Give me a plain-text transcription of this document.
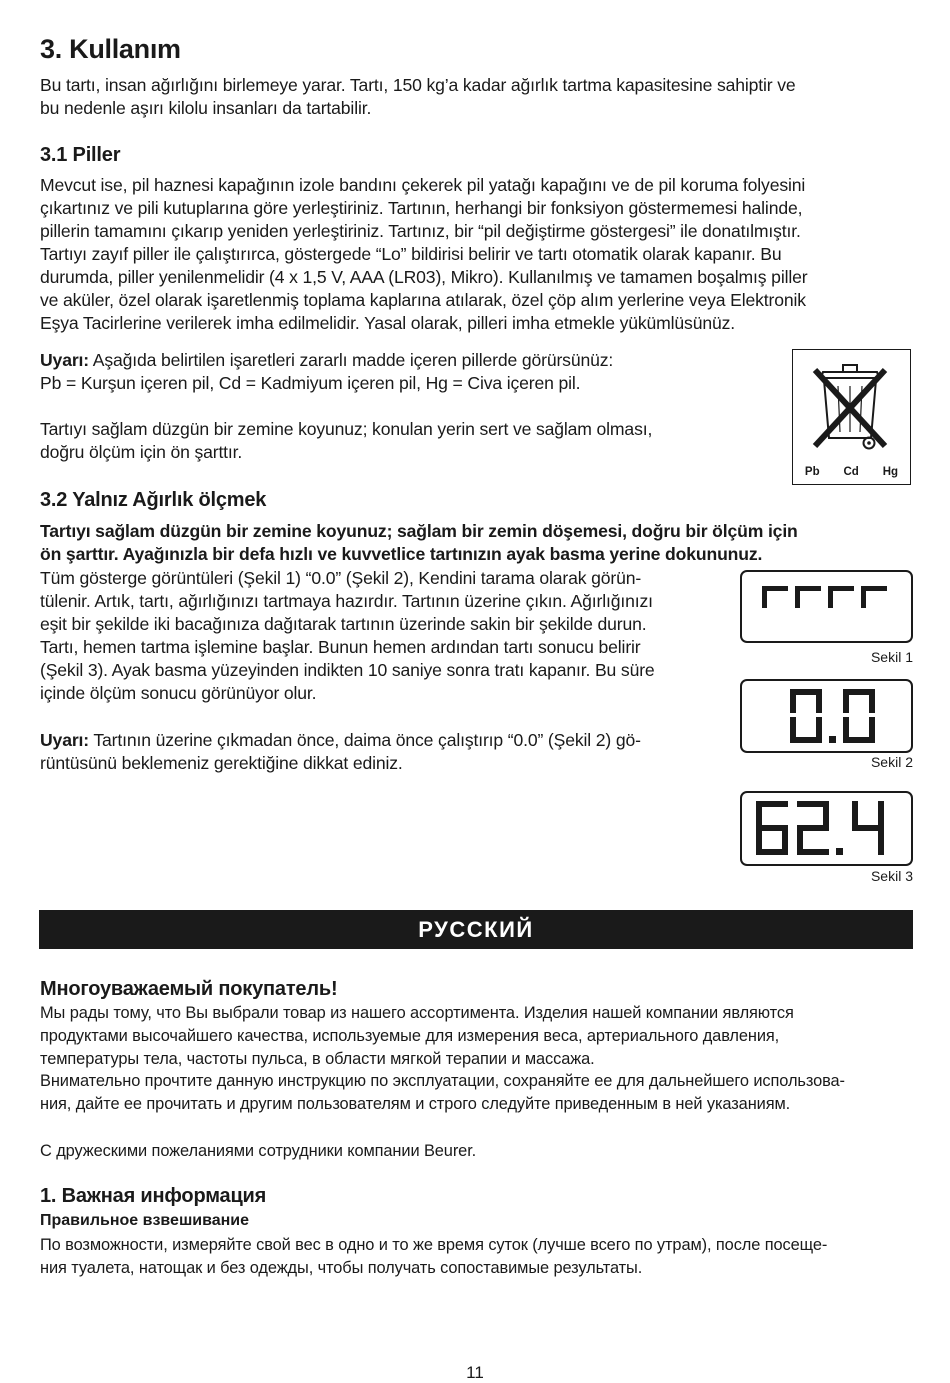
3. Kullanım
Bu tartı, insan ağırlığını birlemeye yarar. Tartı, 150 kg’a kadar ağırlık tartma kapasitesine sahiptir ve
bu nedenle aşırı kilolu insanları da tartabilir.
3.1 Piller
Mevcut ise, pil haznesi kapağının izole bandını çekerek pil yatağı kapağını ve de pil koruma folyesini
çıkartınız ve pili kutuplarına göre yerleştiriniz. Tartının, herhangi bir fonksiyon göstermemesi halinde,
pillerin tamamını çıkarıp yeniden yerleştiriniz. Tartınız, bir “pil değiştirme göstergesi” ile donatılmıştır.
Tartıyı zayıf piller ile çalıştırırca, göstergede “Lo” bildirisi belirir ve tartı otomatik olarak kapanır. Bu
durumda, piller yenilenmelidir (4 x 1,5 V, AAA (LR03), Mikro). Kullanılmış ve tamamen boşalmış piller
ve aküler, özel olarak işaretlenmiş toplama kaplarına atılarak, özel çöp alım yerlerine veya Elektronik
Eşya Tacirlerine verilerek imha edilmelidir. Yasal olarak, pilleri imha etmekle yükümlüsünüz.
Uyarı: Aşağıda belirtilen işaretleri zararlı madde içeren pillerde görürsünüz:
Pb = Kurşun içeren pil, Cd = Kadmiyum içeren pil, Hg = Civa içeren pil.
Tartıyı sağlam düzgün bir zemine koyunuz; konulan yerin sert ve sağlam olması,
doğru ölçüm için ön şarttır.
Pb Cd Hg
3.2 Yalnız Ağırlık ölçmek
Tartıyı sağlam düzgün bir zemine koyunuz; sağlam bir zemin döşemesi, doğru bir ölçüm için
ön şarttır. Ayağınızla bir defa hızlı ve kuvvetlice tartınızın ayak basma yerine dokununuz.
Tüm gösterge görüntüleri (Şekil 1) “0.0” (Şekil 2), Kendini tarama olarak görün-
tülenir. Artık, tartı, ağırlığınızı tartmaya hazırdır. Tartının üzerine çıkın. Ağırlığınızı
eşit bir şekilde iki bacağınıza dağıtarak tartının üzerinde sakin bir şekilde durun.
Tartı, hemen tartma işlemine başlar. Bunun hemen ardından tartı sonucu belirir
(Şekil 3). Ayak basma yüzeyinden indikten 10 saniye sonra tratı kapanır. Bu süre
içinde ölçüm sonucu görünüyor olur.
Uyarı: Tartının üzerine çıkmadan önce, daima önce çalıştırıp “0.0” (Şekil 2) gö-
rüntüsünü beklemeniz gerektiğine dikkat ediniz.
Sekil 1
Sekil 2
Sekil 3
РУССКИЙ
Многоуважаемый покупатель!
Мы рады тому, что Вы выбрали товар из нашего ассортимента. Изделия нашей компании являются
продуктами высочайшего качества, используемые для измерения веса, артериального давления,
температуры тела, частоты пульса, в области мягкой терапии и массажа.
Внимательно прочтите данную инструкцию по эксплуатации, сохраняйте ее для дальнейшего использова-
ния, дайте ее прочитать и другим пользователям и строго следуйте приведенным в ней указаниям.
С дружескими пожеланиями сотрудники компании Beurer.
1. Важная информация
Правильное взвешивание
По возможности, измеряйте свой вес в одно и то же время суток (лучше всего по утрам), после посеще-
ния туалета, натощак и без одежды, чтобы получать сопоставимые результаты.
11
